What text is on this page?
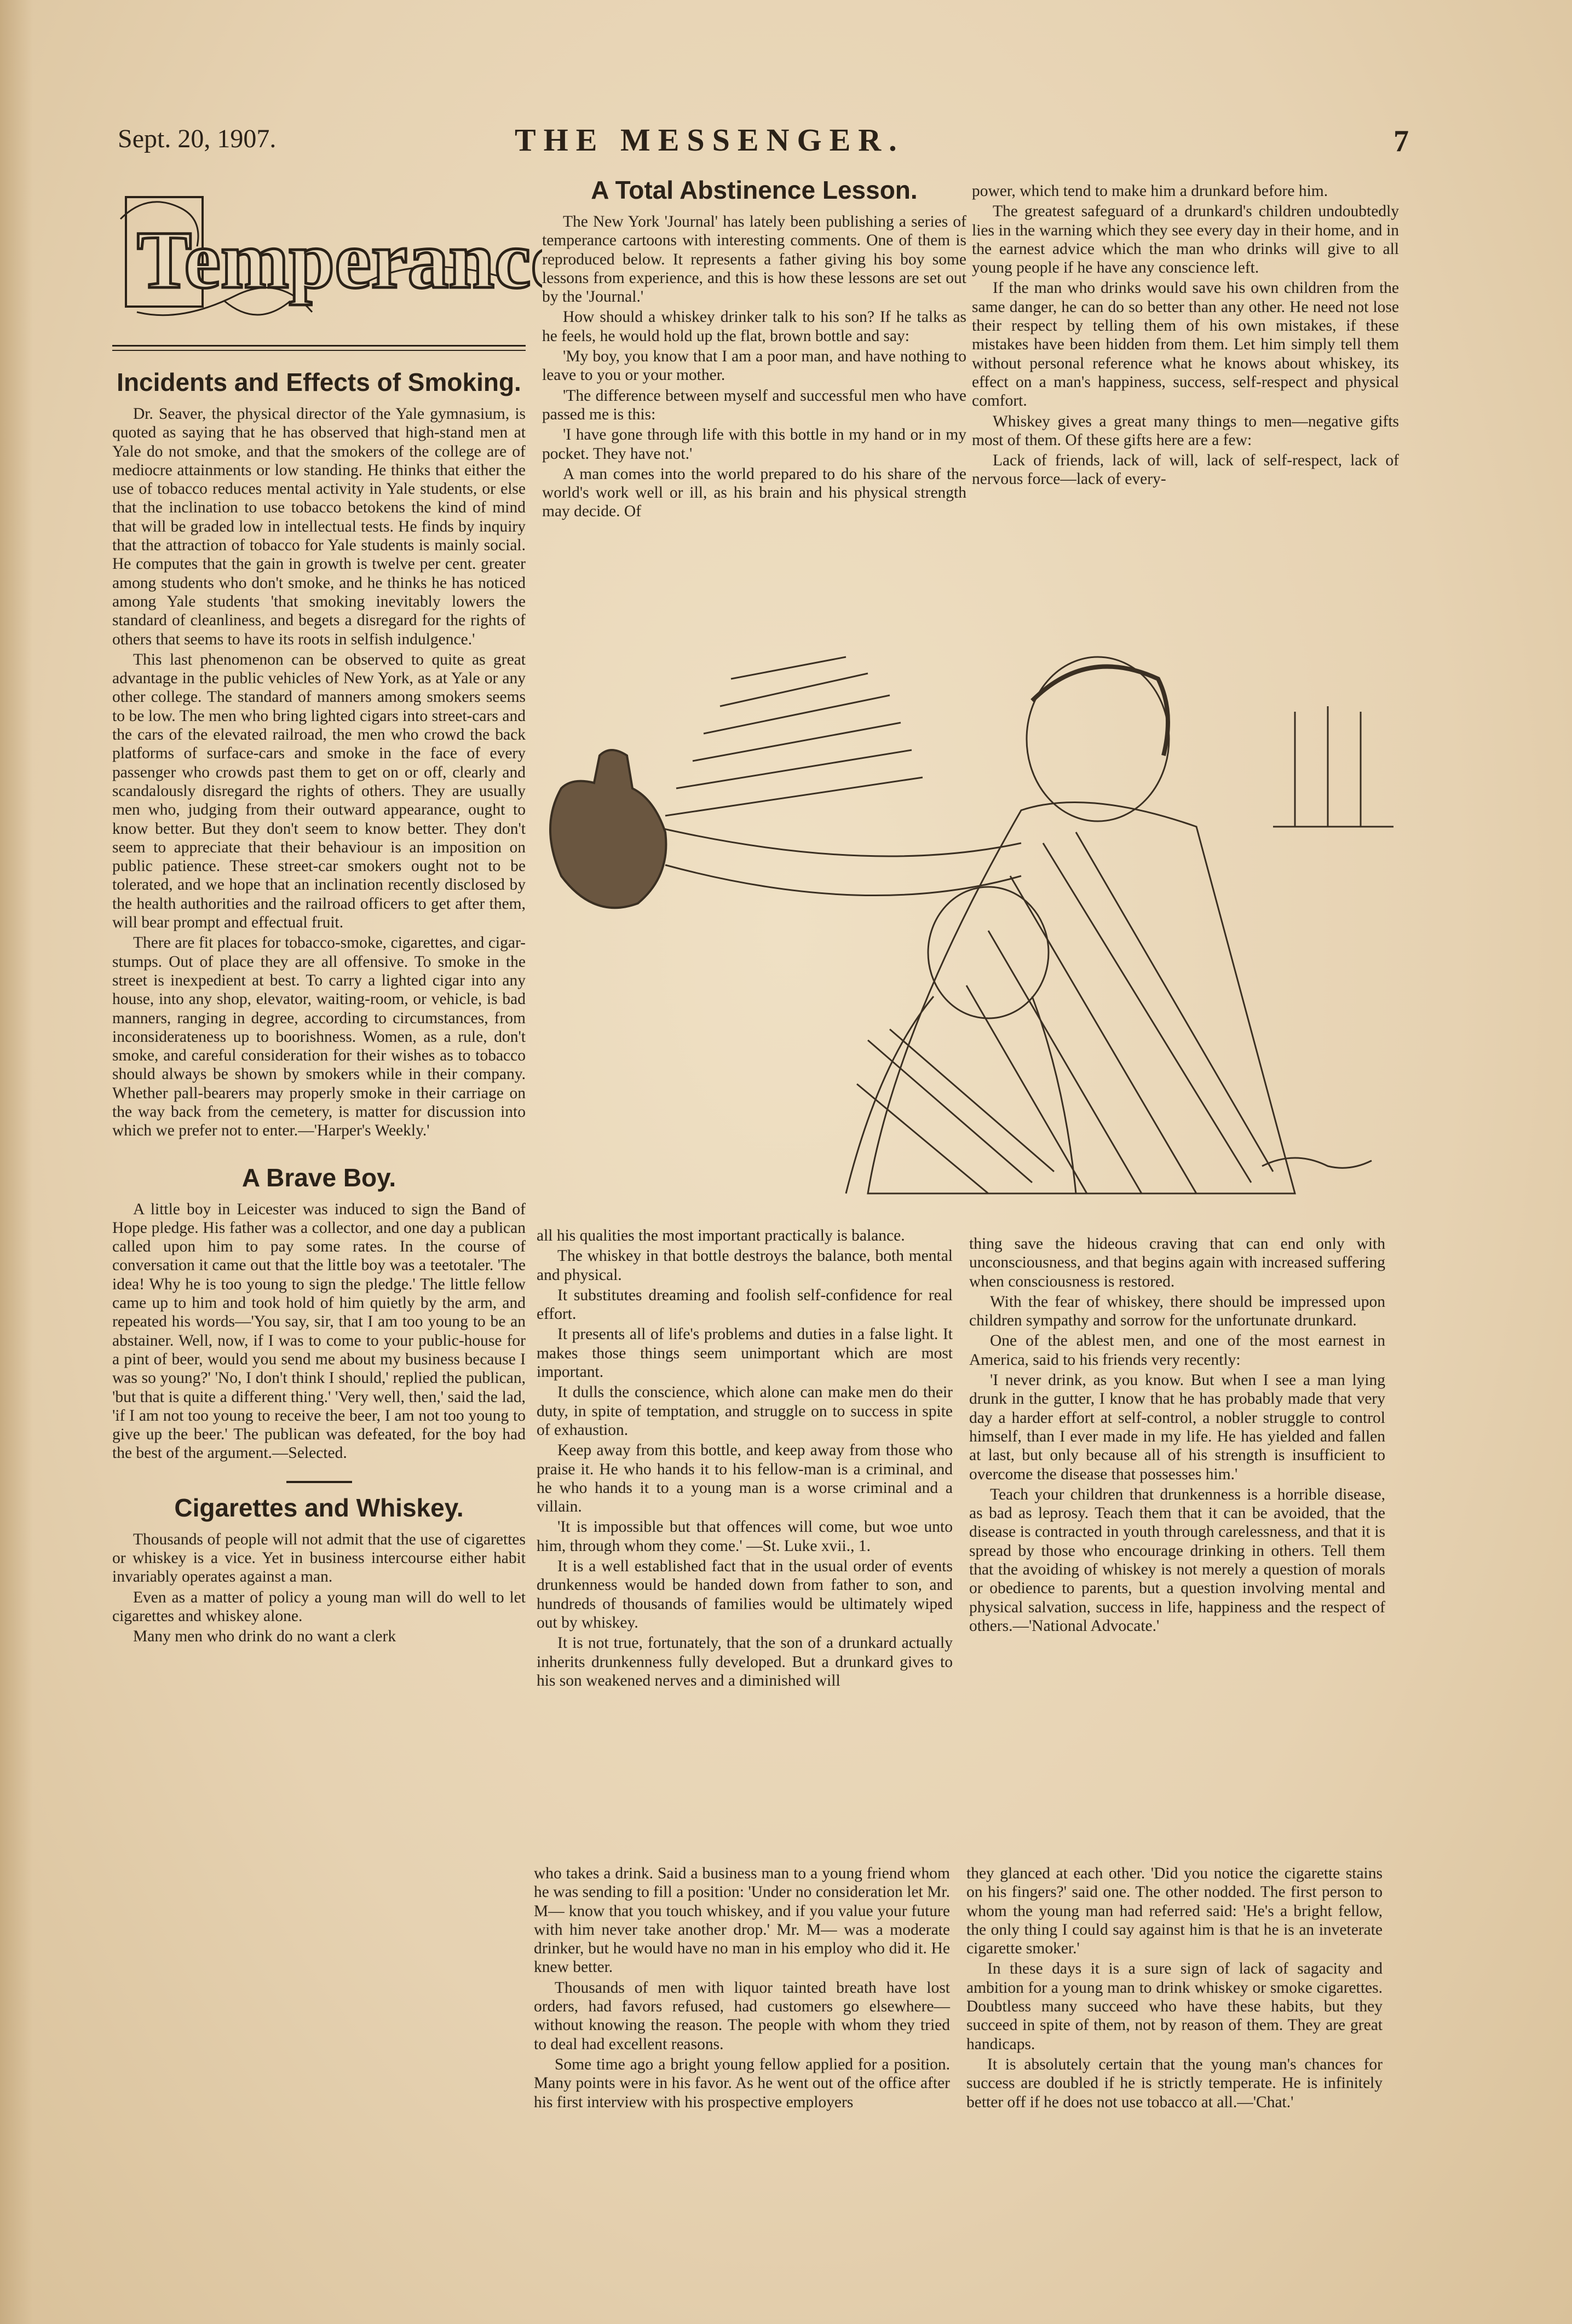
Sept. 20, 1907.	THE MESSENGER.	7
Temperance
Incidents and Effects of Smoking.

Dr. Seaver, the physical director of the Yale gymnasium, is quoted as saying that he has observed that high-stand men at Yale do not smoke, and that the smokers of the college are of mediocre attainments or low standing. He thinks that either the use of tobacco reduces mental activity in Yale students, or else that the inclination to use tobacco betokens the kind of mind that will be graded low in intellectual tests. He finds by inquiry that the attraction of tobacco for Yale students is mainly social. He computes that the gain in growth is twelve per cent. greater among students who don't smoke, and he thinks he has noticed among Yale students 'that smoking inevitably lowers the standard of cleanliness, and begets a disregard for the rights of others that seems to have its roots in selfish indulgence.'

This last phenomenon can be observed to quite as great advantage in the public vehicles of New York, as at Yale or any other college. The standard of manners among smokers seems to be low. The men who bring lighted cigars into street-cars and the cars of the elevated railroad, the men who crowd the back platforms of surface-cars and smoke in the face of every passenger who crowds past them to get on or off, clearly and scandalously disregard the rights of others. They are usually men who, judging from their outward appearance, ought to know better. But they don't seem to know better. They don't seem to appreciate that their behaviour is an imposition on public patience. These street-car smokers ought not to be tolerated, and we hope that an inclination recently disclosed by the health authorities and the railroad officers to get after them, will bear prompt and effectual fruit.

There are fit places for tobacco-smoke, cigarettes, and cigar-stumps. Out of place they are all offensive. To smoke in the street is inexpedient at best. To carry a lighted cigar into any house, into any shop, elevator, waiting-room, or vehicle, is bad manners, ranging in degree, according to circumstances, from inconsiderateness up to boorishness. Women, as a rule, don't smoke, and careful consideration for their wishes as to tobacco should always be shown by smokers while in their company. Whether pall-bearers may properly smoke in their carriage on the way back from the cemetery, is matter for discussion into which we prefer not to enter.—'Harper's Weekly.'

A Brave Boy.

A little boy in Leicester was induced to sign the Band of Hope pledge. His father was a collector, and one day a publican called upon him to pay some rates. In the course of conversation it came out that the little boy was a teetotaler. 'The idea! Why he is too young to sign the pledge.' The little fellow came up to him and took hold of him quietly by the arm, and repeated his words—'You say, sir, that I am too young to be an abstainer. Well, now, if I was to come to your public-house for a pint of beer, would you send me about my business because I was so young?' 'No, I don't think I should,' replied the publican, 'but that is quite a different thing.' 'Very well, then,' said the lad, 'if I am not too young to receive the beer, I am not too young to give up the beer.' The publican was defeated, for the boy had the best of the argument.—Selected.

Cigarettes and Whiskey.

Thousands of people will not admit that the use of cigarettes or whiskey is a vice. Yet in business intercourse either habit invariably operates against a man.

Even as a matter of policy a young man will do well to let cigarettes and whiskey alone.

Many men who drink do no want a clerk

A Total Abstinence Lesson.

The New York 'Journal' has lately been publishing a series of temperance cartoons with interesting comments. One of them is reproduced below. It represents a father giving his boy some lessons from experience, and this is how these lessons are set out by the 'Journal.'

How should a whiskey drinker talk to his son? If he talks as he feels, he would hold up the flat, brown bottle and say:

'My boy, you know that I am a poor man, and have nothing to leave to you or your mother.

'The difference between myself and successful men who have passed me is this:

'I have gone through life with this bottle in my hand or in my pocket. They have not.'

A man comes into the world prepared to do his share of the world's work well or ill, as his brain and his physical strength may decide. Of

power, which tend to make him a drunkard before him.

The greatest safeguard of a drunkard's children undoubtedly lies in the warning which they see every day in their home, and in the earnest advice which the man who drinks will give to all young people if he have any conscience left.

If the man who drinks would save his own children from the same danger, he can do so better than any other. He need not lose their respect by telling them of his own mistakes, if these mistakes have been hidden from them. Let him simply tell them without personal reference what he knows about whiskey, its effect on a man's happiness, success, self-respect and physical comfort.

Whiskey gives a great many things to men—negative gifts most of them. Of these gifts here are a few:

Lack of friends, lack of will, lack of self-respect, lack of nervous force—lack of every-

all his qualities the most important practically is balance.

The whiskey in that bottle destroys the balance, both mental and physical.

It substitutes dreaming and foolish self-confidence for real effort.

It presents all of life's problems and duties in a false light. It makes those things seem unimportant which are most important.

It dulls the conscience, which alone can make men do their duty, in spite of temptation, and struggle on to success in spite of exhaustion.

Keep away from this bottle, and keep away from those who praise it. He who hands it to his fellow-man is a criminal, and he who hands it to a young man is a worse criminal and a villain.

'It is impossible but that offences will come, but woe unto him, through whom they come.' —St. Luke xvii., 1.

It is a well established fact that in the usual order of events drunkenness would be handed down from father to son, and hundreds of thousands of families would be ultimately wiped out by whiskey.

It is not true, fortunately, that the son of a drunkard actually inherits drunkenness fully developed. But a drunkard gives to his son weakened nerves and a diminished will

thing save the hideous craving that can end only with unconsciousness, and that begins again with increased suffering when consciousness is restored.

With the fear of whiskey, there should be impressed upon children sympathy and sorrow for the unfortunate drunkard.

One of the ablest men, and one of the most earnest in America, said to his friends very recently:

'I never drink, as you know. But when I see a man lying drunk in the gutter, I know that he has probably made that very day a harder effort at self-control, a nobler struggle to control himself, than I ever made in my life. He has yielded and fallen at last, but only because all of his strength is insufficient to overcome the disease that possesses him.'

Teach your children that drunkenness is a horrible disease, as bad as leprosy. Teach them that it can be avoided, that the disease is contracted in youth through carelessness, and that it is spread by those who encourage drinking in others. Tell them that the avoiding of whiskey is not merely a question of morals or obedience to parents, but a question involving mental and physical salvation, success in life, happiness and the respect of others.—'National Advocate.'

who takes a drink. Said a business man to a young friend whom he was sending to fill a position: 'Under no consideration let Mr. M— know that you touch whiskey, and if you value your future with him never take another drop.' Mr. M— was a moderate drinker, but he would have no man in his employ who did it. He knew better.

Thousands of men with liquor tainted breath have lost orders, had favors refused, had customers go elsewhere—without knowing the reason. The people with whom they tried to deal had excellent reasons.

Some time ago a bright young fellow applied for a position. Many points were in his favor. As he went out of the office after his first interview with his prospective employers

they glanced at each other. 'Did you notice the cigarette stains on his fingers?' said one. The other nodded. The first person to whom the young man had referred said: 'He's a bright fellow, the only thing I could say against him is that he is an inveterate cigarette smoker.'

In these days it is a sure sign of lack of sagacity and ambition for a young man to drink whiskey or smoke cigarettes. Doubtless many succeed who have these habits, but they succeed in spite of them, not by reason of them. They are great handicaps.

It is absolutely certain that the young man's chances for success are doubled if he is strictly temperate. He is infinitely better off if he does not use tobacco at all.—'Chat.'
